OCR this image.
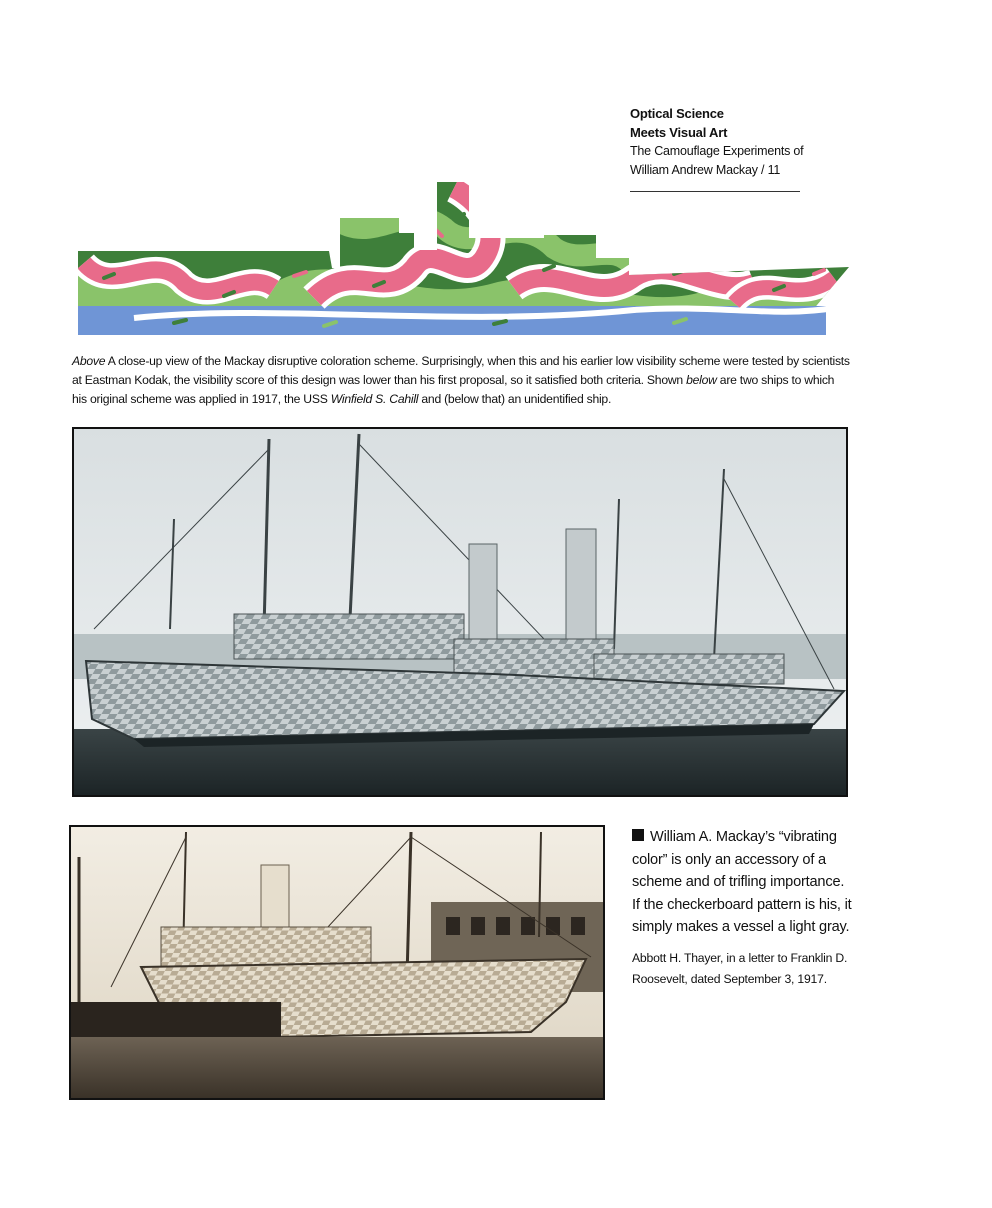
Optical Science
Meets Visual Art
The Camouflage Experiments of
William Andrew Mackay / 11
Above A close-up view of the Mackay disruptive coloration scheme. Surprisingly, when this and his earlier low visibility scheme were tested by scientists at Eastman Kodak, the visibility score of this design was lower than his first proposal, so it satisfied both criteria. Shown below are two ships to which his original scheme was applied in 1917, the USS Winfield S. Cahill and (below that) an unidentified ship.
William A. Mackay’s “vibrating color” is only an accessory of a scheme and of trifling importance. If the checkerboard pattern is his, it simply makes a vessel a light gray.
Abbott H. Thayer, in a letter to Franklin D. Roosevelt, dated September 3, 1917.
